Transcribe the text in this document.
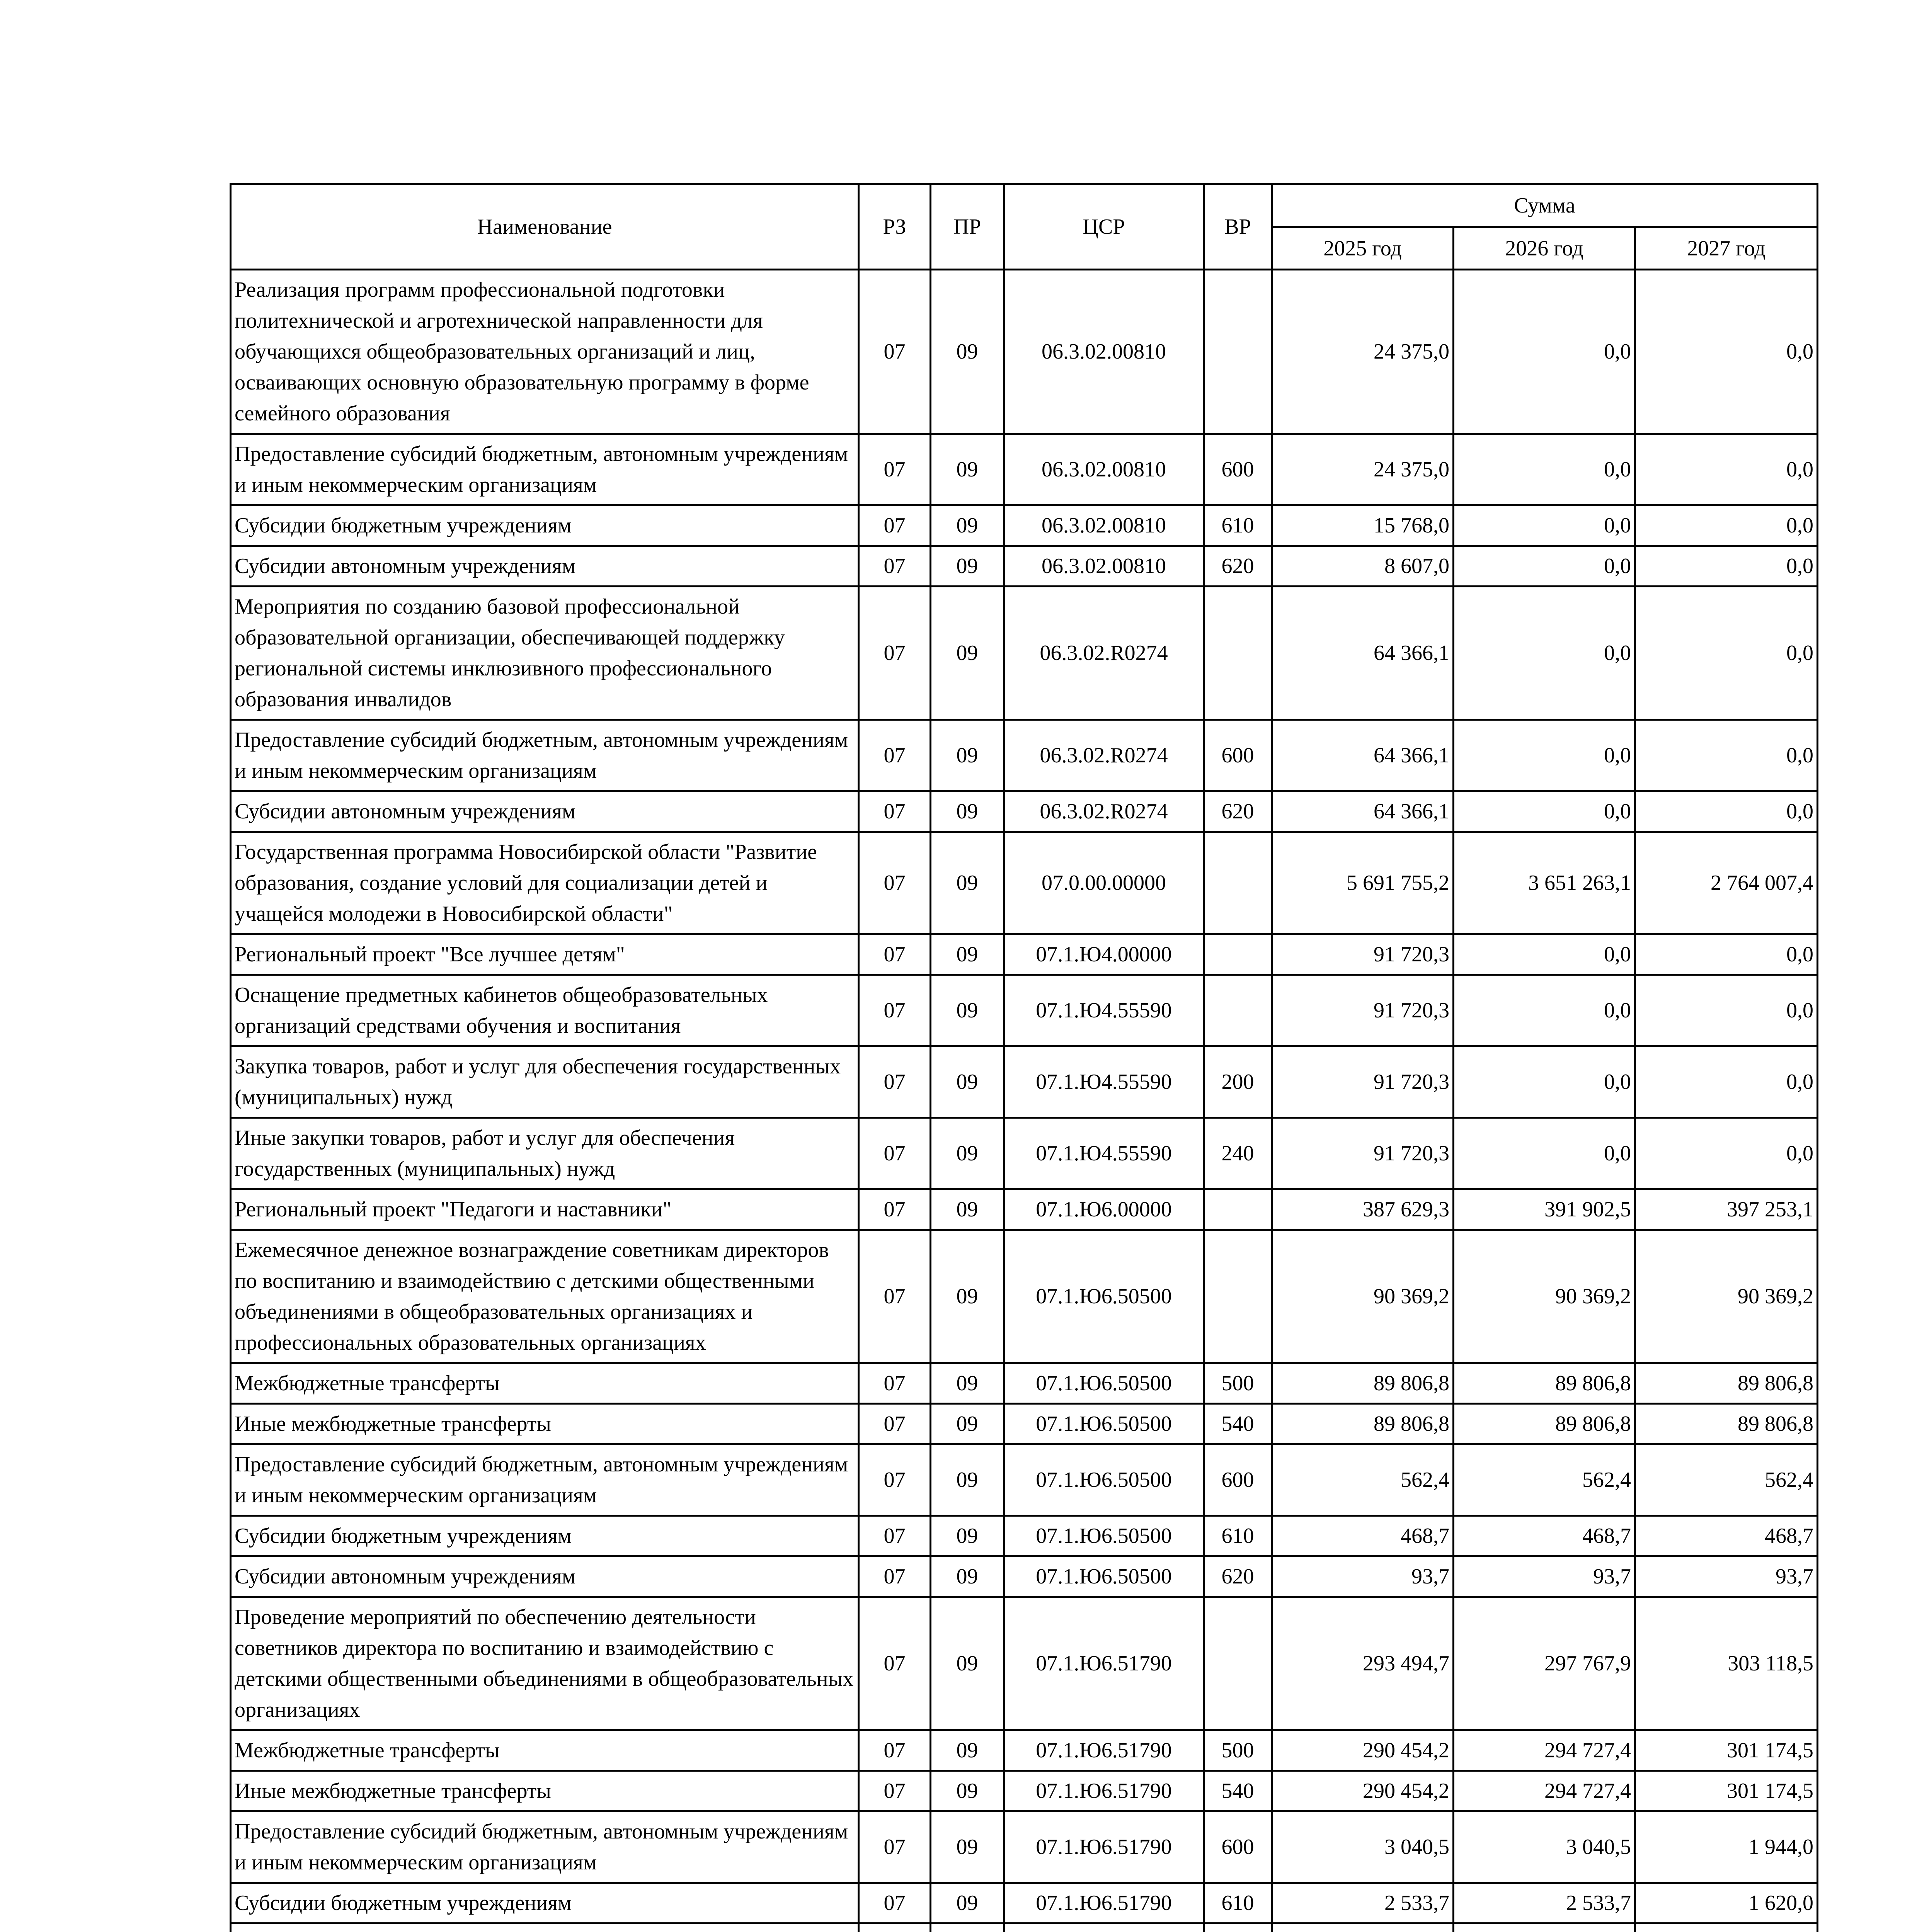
Наименование	РЗ	ПР	ЦСР	ВР	Сумма		
					2025 год	2026 год	2027 год
Реализация программ профессиональной подготовки политехнической и агротехнической направленности для обучающихся общеобразовательных организаций и лиц, осваивающих основную образовательную программу в форме семейного образования	07	09	06.3.02.00810		24 375,0	0,0	0,0
Предоставление субсидий бюджетным, автономным учреждениям и иным некоммерческим организациям	07	09	06.3.02.00810	600	24 375,0	0,0	0,0
Субсидии бюджетным учреждениям	07	09	06.3.02.00810	610	15 768,0	0,0	0,0
Субсидии автономным учреждениям	07	09	06.3.02.00810	620	8 607,0	0,0	0,0
Мероприятия по созданию базовой профессиональной образовательной организации, обеспечивающей поддержку региональной системы инклюзивного профессионального образования инвалидов	07	09	06.3.02.R0274		64 366,1	0,0	0,0
Предоставление субсидий бюджетным, автономным учреждениям и иным некоммерческим организациям	07	09	06.3.02.R0274	600	64 366,1	0,0	0,0
Субсидии автономным учреждениям	07	09	06.3.02.R0274	620	64 366,1	0,0	0,0
Государственная программа Новосибирской области "Развитие образования, создание условий для социализации детей и учащейся молодежи в Новосибирской области"	07	09	07.0.00.00000		5 691 755,2	3 651 263,1	2 764 007,4
Региональный проект "Все лучшее детям"	07	09	07.1.Ю4.00000		91 720,3	0,0	0,0
Оснащение предметных кабинетов общеобразовательных организаций средствами обучения и воспитания	07	09	07.1.Ю4.55590		91 720,3	0,0	0,0
Закупка товаров, работ и услуг для обеспечения государственных (муниципальных) нужд	07	09	07.1.Ю4.55590	200	91 720,3	0,0	0,0
Иные закупки товаров, работ и услуг для обеспечения государственных (муниципальных) нужд	07	09	07.1.Ю4.55590	240	91 720,3	0,0	0,0
Региональный проект "Педагоги и наставники"	07	09	07.1.Ю6.00000		387 629,3	391 902,5	397 253,1
Ежемесячное денежное вознаграждение советникам директоров по воспитанию и взаимодействию с детскими общественными объединениями в общеобразовательных организациях и профессиональных образовательных организациях	07	09	07.1.Ю6.50500		90 369,2	90 369,2	90 369,2
Межбюджетные трансферты	07	09	07.1.Ю6.50500	500	89 806,8	89 806,8	89 806,8
Иные межбюджетные трансферты	07	09	07.1.Ю6.50500	540	89 806,8	89 806,8	89 806,8
Предоставление субсидий бюджетным, автономным учреждениям и иным некоммерческим организациям	07	09	07.1.Ю6.50500	600	562,4	562,4	562,4
Субсидии бюджетным учреждениям	07	09	07.1.Ю6.50500	610	468,7	468,7	468,7
Субсидии автономным учреждениям	07	09	07.1.Ю6.50500	620	93,7	93,7	93,7
Проведение мероприятий по обеспечению деятельности советников директора по воспитанию и взаимодействию с детскими общественными объединениями в общеобразовательных организациях	07	09	07.1.Ю6.51790		293 494,7	297 767,9	303 118,5
Межбюджетные трансферты	07	09	07.1.Ю6.51790	500	290 454,2	294 727,4	301 174,5
Иные межбюджетные трансферты	07	09	07.1.Ю6.51790	540	290 454,2	294 727,4	301 174,5
Предоставление субсидий бюджетным, автономным учреждениям и иным некоммерческим организациям	07	09	07.1.Ю6.51790	600	3 040,5	3 040,5	1 944,0
Субсидии бюджетным учреждениям	07	09	07.1.Ю6.51790	610	2 533,7	2 533,7	1 620,0
